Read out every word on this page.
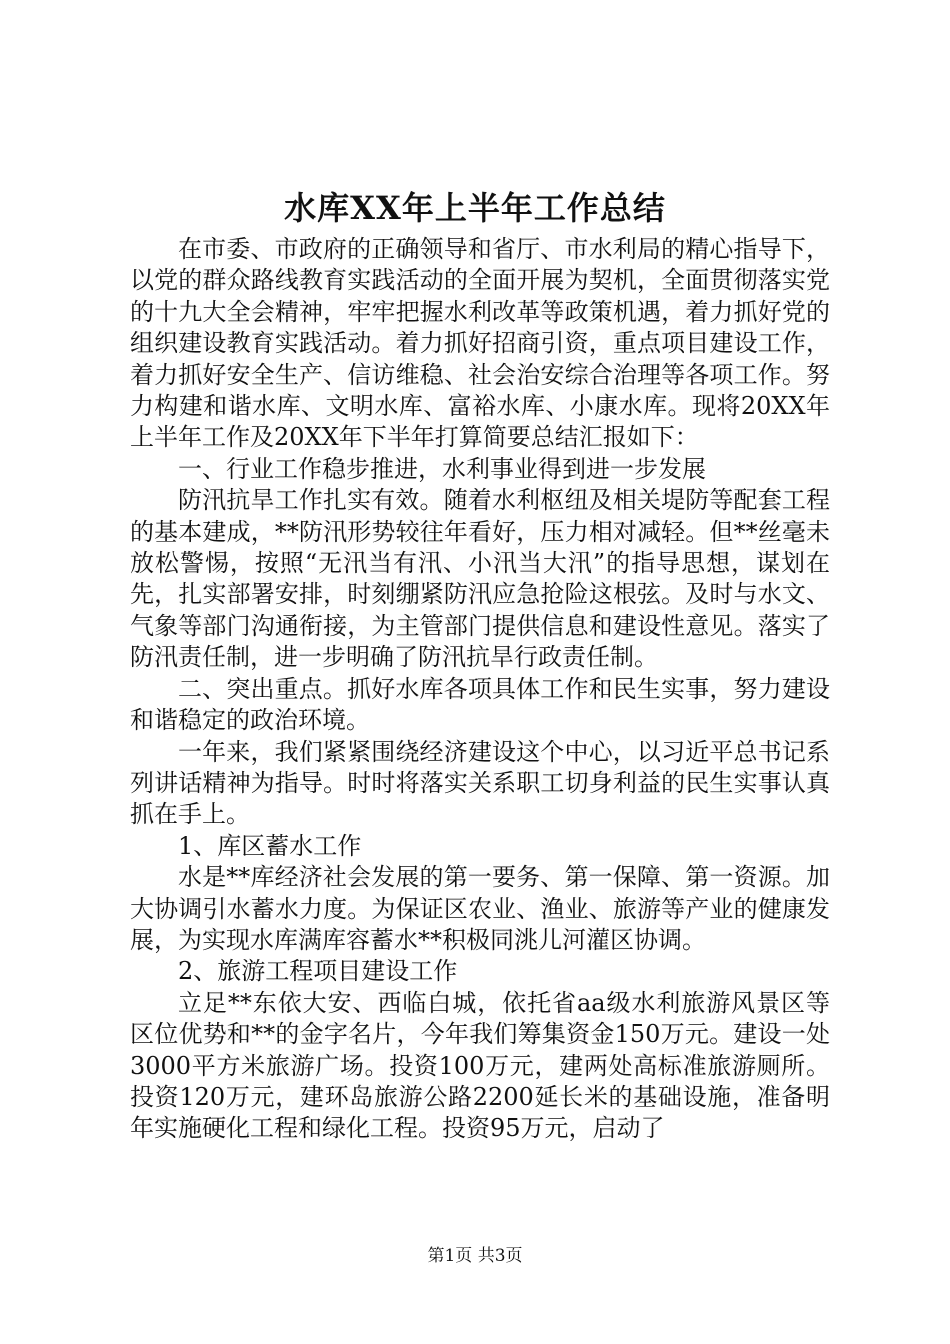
水库XX年上半年工作总结

在市委、市政府的正确领导和省厅、市水利局的精心指导下，以党的群众路线教育实践活动的全面开展为契机，全面贯彻落实党的十九大全会精神，牢牢把握水利改革等政策机遇，着力抓好党的组织建设教育实践活动。着力抓好招商引资，重点项目建设工作，着力抓好安全生产、信访维稳、社会治安综合治理等各项工作。努力构建和谐水库、文明水库、富裕水库、小康水库。现将20XX年上半年工作及20XX年下半年打算简要总结汇报如下：

一、行业工作稳步推进，水利事业得到进一步发展

防汛抗旱工作扎实有效。随着水利枢纽及相关堤防等配套工程的基本建成，**防汛形势较往年看好，压力相对减轻。但**丝毫未放松警惕，按照“无汛当有汛、小汛当大汛”的指导思想，谋划在先，扎实部署安排，时刻绷紧防汛应急抢险这根弦。及时与水文、气象等部门沟通衔接，为主管部门提供信息和建设性意见。落实了防汛责任制，进一步明确了防汛抗旱行政责任制。

二、突出重点。抓好水库各项具体工作和民生实事，努力建设和谐稳定的政治环境。

一年来，我们紧紧围绕经济建设这个中心，以习近平总书记系列讲话精神为指导。时时将落实关系职工切身利益的民生实事认真抓在手上。

1、库区蓄水工作

水是**库经济社会发展的第一要务、第一保障、第一资源。加大协调引水蓄水力度。为保证区农业、渔业、旅游等产业的健康发展，为实现水库满库容蓄水**积极同洮儿河灌区协调。

2、旅游工程项目建设工作

立足**东依大安、西临白城，依托省aa级水利旅游风景区等区位优势和**的金字名片，今年我们筹集资金150万元。建设一处3000平方米旅游广场。投资100万元，建两处高标准旅游厕所。投资120万元，建环岛旅游公路2200延长米的基础设施，准备明年实施硬化工程和绿化工程。投资95万元，启动了

第1页 共3页
